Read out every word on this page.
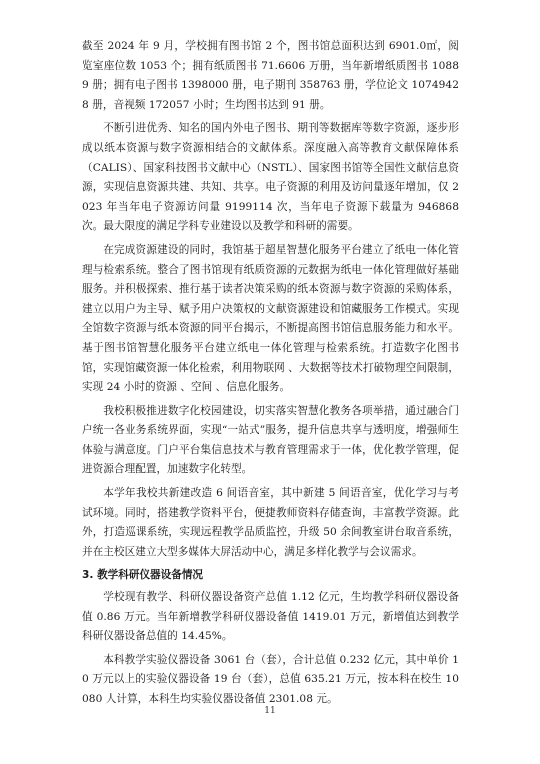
截至 2024 年 9 月，学校拥有图书馆 2 个，图书馆总面积达到 6901.0㎡，阅览室座位数 1053 个；拥有纸质图书 71.6606 万册，当年新增纸质图书 10889 册；拥有电子图书 1398000 册，电子期刊 358763 册，学位论文 10749428 册，音视频 172057 小时；生均图书达到 91 册。

不断引进优秀、知名的国内外电子图书、期刊等数据库等数字资源，逐步形成以纸本资源与数字资源相结合的文献体系。深度融入高等教育文献保障体系（CALIS）、国家科技图书文献中心（NSTL）、国家图书馆等全国性文献信息资源，实现信息资源共建、共知、共享。电子资源的利用及访问量逐年增加，仅 2023 年当年电子资源访问量 9199114 次，当年电子资源下载量为 946868 次。最大限度的满足学科专业建设以及教学和科研的需要。

在完成资源建设的同时，我馆基于超星智慧化服务平台建立了纸电一体化管理与检索系统。整合了图书馆现有纸质资源的元数据为纸电一体化管理做好基础服务。并积极探索、推行基于读者决策采购的纸本资源与数字资源的采购体系，建立以用户为主导、赋予用户决策权的文献资源建设和馆藏服务工作模式。实现全馆数字资源与纸本资源的同平台揭示，不断提高图书馆信息服务能力和水平。基于图书馆智慧化服务平台建立纸电一体化管理与检索系统。打造数字化图书馆，实现馆藏资源一体化检索，利用物联网 、大数据等技术打破物理空间限制，实现 24 小时的资源 、空间 、信息化服务。

我校积极推进数字化校园建设，切实落实智慧化教务各项举措，通过融合门户统一各业务系统界面，实现“一站式”服务，提升信息共享与透明度，增强师生体验与满意度。门户平台集信息技术与教育管理需求于一体，优化教学管理，促进资源合理配置，加速数字化转型。

本学年我校共新建改造 6 间语音室，其中新建 5 间语音室，优化学习与考试环境。同时，搭建教学资料平台，便捷教师资料存储查询，丰富教学资源。此外，打造巡课系统，实现远程教学品质监控，升级 50 余间教室讲台取音系统，并在主校区建立大型多媒体大屏活动中心，满足多样化教学与会议需求。

3. 教学科研仪器设备情况

学校现有教学、科研仪器设备资产总值 1.12 亿元，生均教学科研仪器设备值 0.86 万元。当年新增教学科研仪器设备值 1419.01 万元，新增值达到教学科研仪器设备总值的 14.45%。

本科教学实验仪器设备 3061 台（套），合计总值 0.232 亿元，其中单价 10 万元以上的实验仪器设备 19 台（套），总值 635.21 万元，按本科在校生 10080 人计算，本科生均实验仪器设备值 2301.08 元。

11
